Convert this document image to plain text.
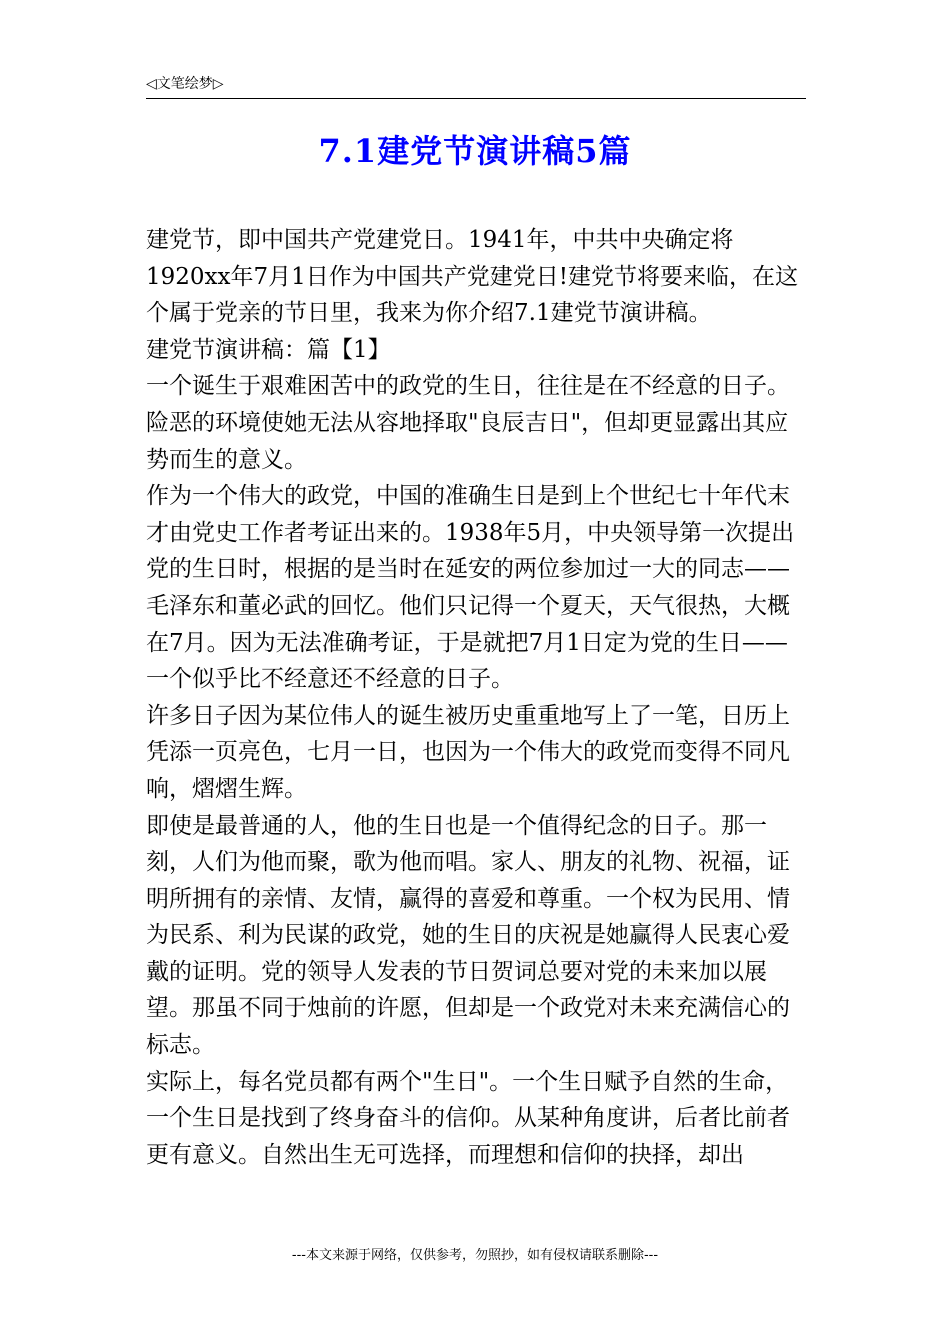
◁文笔绘梦▷
7.1建党节演讲稿5篇

建党节，即中国共产党建党日。1941年，中共中央确定将1920xx年7月1日作为中国共产党建党日!建党节将要来临，在这个属于党亲的节日里，我来为你介绍7.1建党节演讲稿。

建党节演讲稿：篇【1】

一个诞生于艰难困苦中的政党的生日，往往是在不经意的日子。险恶的环境使她无法从容地择取"良辰吉日"，但却更显露出其应势而生的意义。

作为一个伟大的政党，中国的准确生日是到上个世纪七十年代末才由党史工作者考证出来的。1938年5月，中央领导第一次提出党的生日时，根据的是当时在延安的两位参加过一大的同志——毛泽东和董必武的回忆。他们只记得一个夏天，天气很热，大概在7月。因为无法准确考证，于是就把7月1日定为党的生日——一个似乎比不经意还不经意的日子。

许多日子因为某位伟人的诞生被历史重重地写上了一笔，日历上凭添一页亮色，七月一日，也因为一个伟大的政党而变得不同凡响，熠熠生辉。

即使是最普通的人，他的生日也是一个值得纪念的日子。那一刻，人们为他而聚，歌为他而唱。家人、朋友的礼物、祝福，证明所拥有的亲情、友情，赢得的喜爱和尊重。一个权为民用、情为民系、利为民谋的政党，她的生日的庆祝是她赢得人民衷心爱戴的证明。党的领导人发表的节日贺词总要对党的未来加以展望。那虽不同于烛前的许愿，但却是一个政党对未来充满信心的标志。

实际上，每名党员都有两个"生日"。一个生日赋予自然的生命，一个生日是找到了终身奋斗的信仰。从某种角度讲，后者比前者更有意义。自然出生无可选择，而理想和信仰的抉择，却出

---本文来源于网络，仅供参考，勿照抄，如有侵权请联系删除---
